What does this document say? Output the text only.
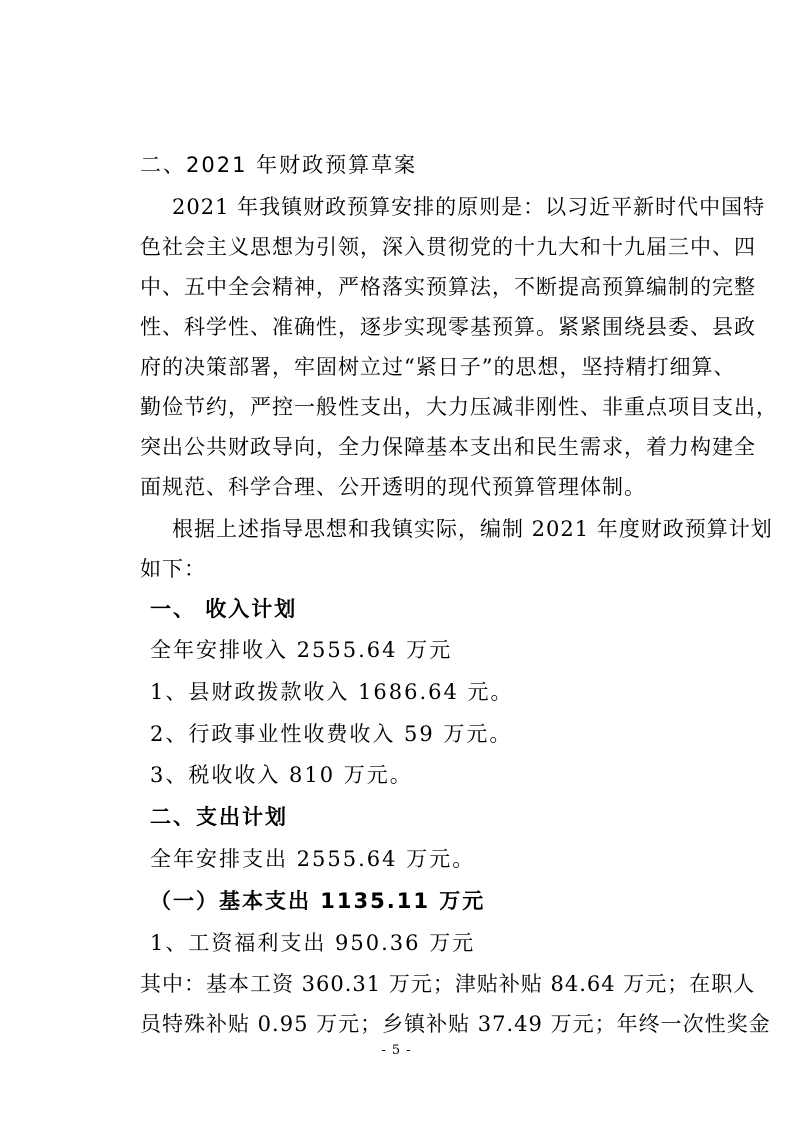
二、2021 年财政预算草案
2021 年我镇财政预算安排的原则是：以习近平新时代中国特
色社会主义思想为引领，深入贯彻党的十九大和十九届三中、四
中、五中全会精神，严格落实预算法，不断提高预算编制的完整
性、科学性、准确性，逐步实现零基预算。紧紧围绕县委、县政
府的决策部署，牢固树立过“紧日子”的思想，坚持精打细算、
勤俭节约，严控一般性支出，大力压减非刚性、非重点项目支出，
突出公共财政导向，全力保障基本支出和民生需求，着力构建全
面规范、科学合理、公开透明的现代预算管理体制。
根据上述指导思想和我镇实际，编制 2021 年度财政预算计划
如下：
一、 收入计划
全年安排收入 2555.64 万元
1、县财政拨款收入 1686.64 元。
2、行政事业性收费收入 59 万元。
3、税收收入 810 万元。
二、支出计划
全年安排支出 2555.64 万元。
（一）基本支出 1135.11 万元
1、工资福利支出 950.36 万元
其中：基本工资 360.31 万元；津贴补贴 84.64 万元；在职人
员特殊补贴 0.95 万元；乡镇补贴 37.49 万元；年终一次性奖金
- 5 -
